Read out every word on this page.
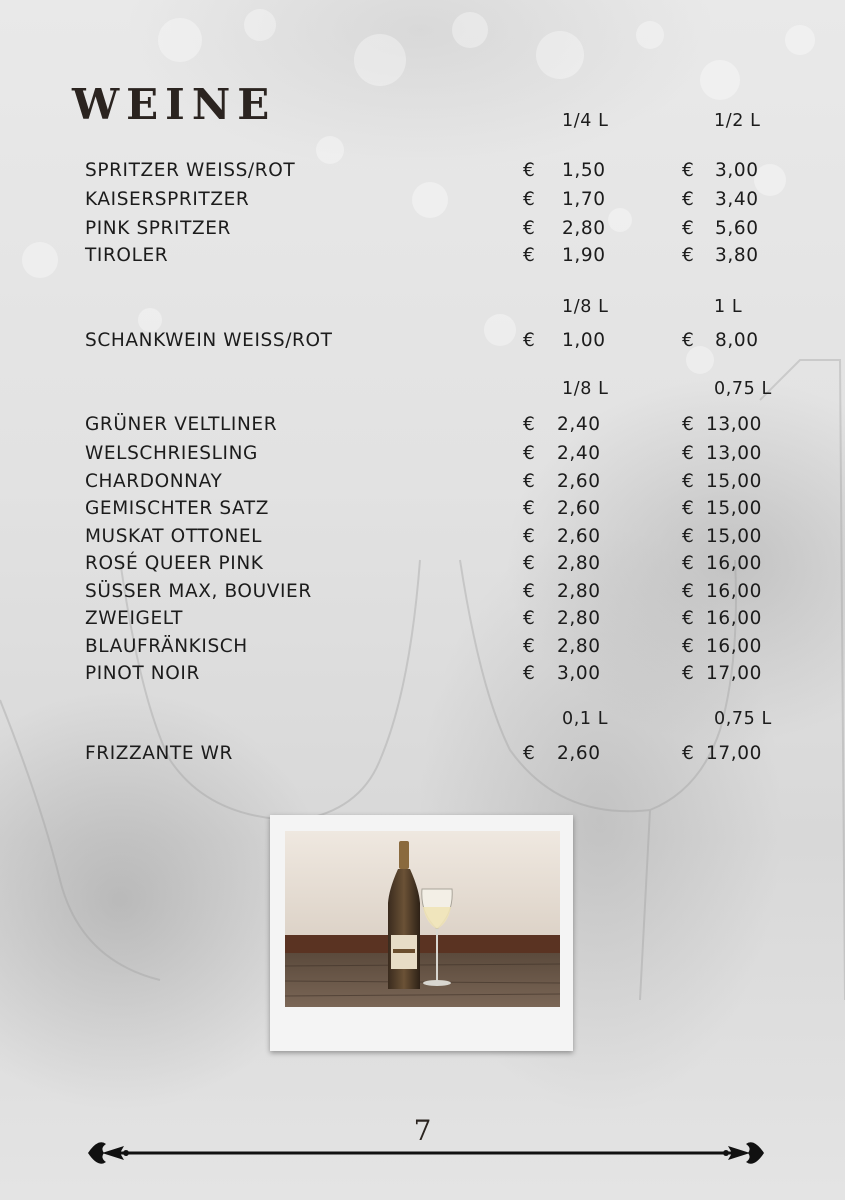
WEINE	1/4 L	1/2 L
SPRITZER WEISS/ROT	€ 1,50	€ 3,00
KAISERSPRITZER	€ 1,70	€ 3,40
PINK SPRITZER	€ 2,80	€ 5,60
TIROLER	€ 1,90	€ 3,80
1/8 L	1 L
SCHANKWEIN WEISS/ROT	€ 1,00	€ 8,00
1/8 L	0,75 L
GRÜNER VELTLINER	€ 2,40	€ 13,00
WELSCHRIESLING	€ 2,40	€ 13,00
CHARDONNAY	€ 2,60	€ 15,00
GEMISCHTER SATZ	€ 2,60	€ 15,00
MUSKAT OTTONEL	€ 2,60	€ 15,00
ROSÉ QUEER PINK	€ 2,80	€ 16,00
SÜSSER MAX, BOUVIER	€ 2,80	€ 16,00
ZWEIGELT	€ 2,80	€ 16,00
BLAUFRÄNKISCH	€ 2,80	€ 16,00
PINOT NOIR	€ 3,00	€ 17,00
0,1 L	0,75 L
FRIZZANTE WR	€ 2,60	€ 17,00
7
